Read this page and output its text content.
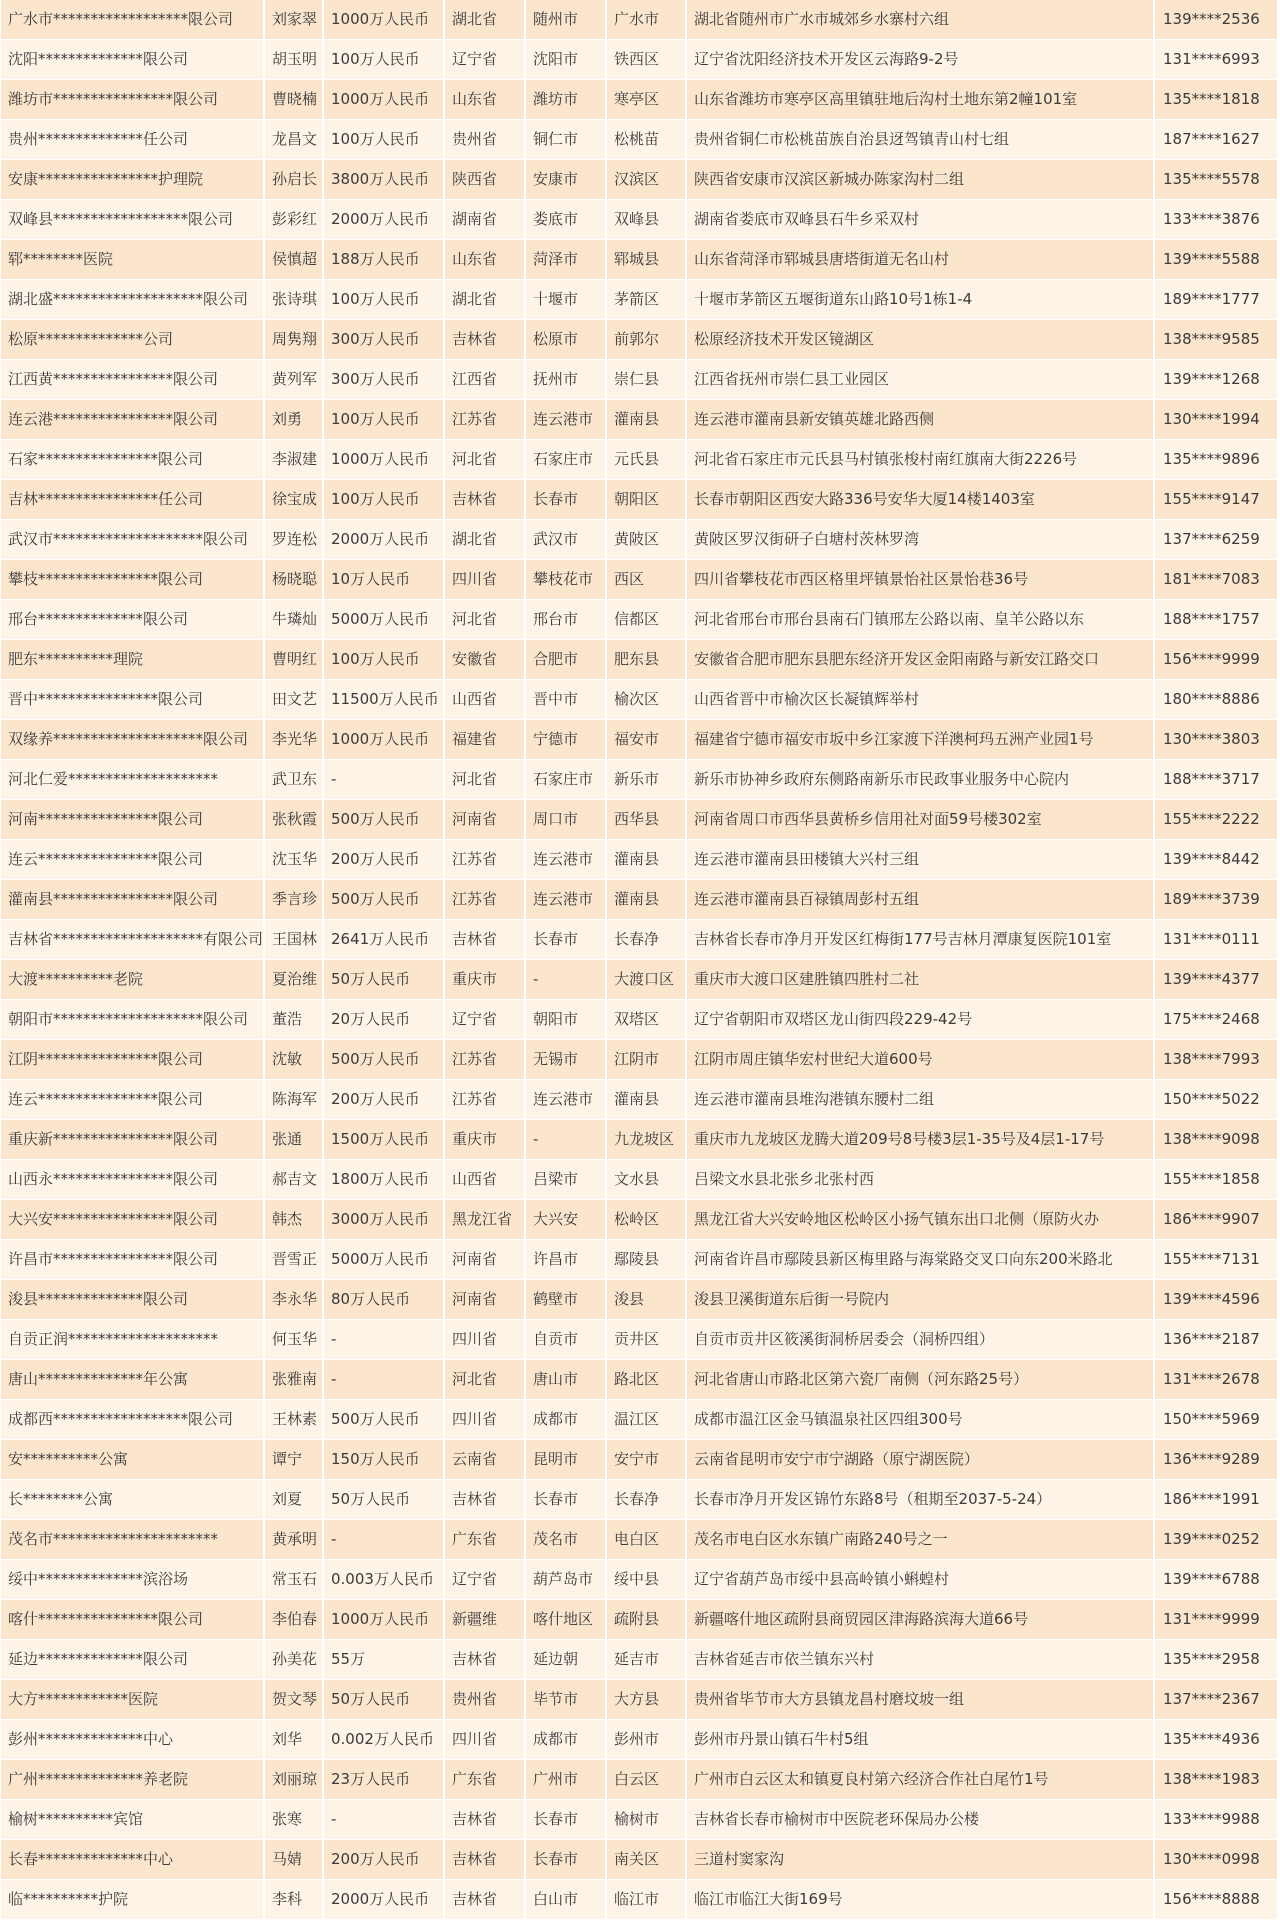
广水市******************限公司	刘家翠	1000万人民币	湖北省	随州市	广水市	湖北省随州市广水市城郊乡水寨村六组	139****2536
沈阳**************限公司	胡玉明	100万人民币	辽宁省	沈阳市	铁西区	辽宁省沈阳经济技术开发区云海路9-2号	131****6993
潍坊市****************限公司	曹晓楠	1000万人民币	山东省	潍坊市	寒亭区	山东省潍坊市寒亭区高里镇驻地后沟村土地东第2幢101室	135****1818
贵州**************任公司	龙昌文	100万人民币	贵州省	铜仁市	松桃苗	贵州省铜仁市松桃苗族自治县迓驾镇青山村七组	187****1627
安康****************护理院	孙启长	3800万人民币	陕西省	安康市	汉滨区	陕西省安康市汉滨区新城办陈家沟村二组	135****5578
双峰县******************限公司	彭彩红	2000万人民币	湖南省	娄底市	双峰县	湖南省娄底市双峰县石牛乡采双村	133****3876
郓********医院	侯慎超	188万人民币	山东省	菏泽市	郓城县	山东省菏泽市郓城县唐塔街道无名山村	139****5588
湖北盛********************限公司	张诗琪	100万人民币	湖北省	十堰市	茅箭区	十堰市茅箭区五堰街道东山路10号1栋1-4	189****1777
松原**************公司	周隽翔	300万人民币	吉林省	松原市	前郭尔	松原经济技术开发区镜湖区	138****9585
江西黄****************限公司	黄列军	300万人民币	江西省	抚州市	崇仁县	江西省抚州市崇仁县工业园区	139****1268
连云港****************限公司	刘勇	100万人民币	江苏省	连云港市	灌南县	连云港市灌南县新安镇英雄北路西侧	130****1994
石家****************限公司	李淑建	1000万人民币	河北省	石家庄市	元氏县	河北省石家庄市元氏县马村镇张梭村南红旗南大街2226号	135****9896
吉林****************任公司	徐宝成	100万人民币	吉林省	长春市	朝阳区	长春市朝阳区西安大路336号安华大厦14楼1403室	155****9147
武汉市********************限公司	罗连松	2000万人民币	湖北省	武汉市	黄陂区	黄陂区罗汉街研子白塘村茨林罗湾	137****6259
攀枝****************限公司	杨晓聪	10万人民币	四川省	攀枝花市	西区	四川省攀枝花市西区格里坪镇景怡社区景怡巷36号	181****7083
邢台**************限公司	牛璘灿	5000万人民币	河北省	邢台市	信都区	河北省邢台市邢台县南石门镇邢左公路以南、皇羊公路以东	188****1757
肥东**********理院	曹明红	100万人民币	安徽省	合肥市	肥东县	安徽省合肥市肥东县肥东经济开发区金阳南路与新安江路交口	156****9999
晋中****************限公司	田文艺	11500万人民币	山西省	晋中市	榆次区	山西省晋中市榆次区长凝镇辉举村	180****8886
双缘养********************限公司	李光华	1000万人民币	福建省	宁德市	福安市	福建省宁德市福安市坂中乡江家渡下洋澳柯玛五洲产业园1号	130****3803
河北仁爱********************	武卫东	-	河北省	石家庄市	新乐市	新乐市协神乡政府东侧路南新乐市民政事业服务中心院内	188****3717
河南****************限公司	张秋霞	500万人民币	河南省	周口市	西华县	河南省周口市西华县黄桥乡信用社对面59号楼302室	155****2222
连云****************限公司	沈玉华	200万人民币	江苏省	连云港市	灌南县	连云港市灌南县田楼镇大兴村三组	139****8442
灌南县****************限公司	季言珍	500万人民币	江苏省	连云港市	灌南县	连云港市灌南县百禄镇周彭村五组	189****3739
吉林省********************有限公司	王国林	2641万人民币	吉林省	长春市	长春净	吉林省长春市净月开发区红梅街177号吉林月潭康复医院101室	131****0111
大渡**********老院	夏治维	50万人民币	重庆市	-	大渡口区	重庆市大渡口区建胜镇四胜村二社	139****4377
朝阳市********************限公司	董浩	20万人民币	辽宁省	朝阳市	双塔区	辽宁省朝阳市双塔区龙山街四段229-42号	175****2468
江阴****************限公司	沈敏	500万人民币	江苏省	无锡市	江阴市	江阴市周庄镇华宏村世纪大道600号	138****7993
连云****************限公司	陈海军	200万人民币	江苏省	连云港市	灌南县	连云港市灌南县堆沟港镇东腰村二组	150****5022
重庆新****************限公司	张通	1500万人民币	重庆市	-	九龙坡区	重庆市九龙坡区龙腾大道209号8号楼3层1-35号及4层1-17号	138****9098
山西永****************限公司	郝吉文	1800万人民币	山西省	吕梁市	文水县	吕梁文水县北张乡北张村西	155****1858
大兴安****************限公司	韩杰	3000万人民币	黑龙江省	大兴安	松岭区	黑龙江省大兴安岭地区松岭区小扬气镇东出口北侧（原防火办	186****9907
许昌市****************限公司	晋雪正	5000万人民币	河南省	许昌市	鄢陵县	河南省许昌市鄢陵县新区梅里路与海棠路交叉口向东200米路北	155****7131
浚县**************限公司	李永华	80万人民币	河南省	鹤壁市	浚县	浚县卫溪街道东后街一号院内	139****4596
自贡正润********************	何玉华	-	四川省	自贡市	贡井区	自贡市贡井区筱溪街洞桥居委会（洞桥四组）	136****2187
唐山**************年公寓	张雅南	-	河北省	唐山市	路北区	河北省唐山市路北区第六瓷厂南侧（河东路25号）	131****2678
成都西******************限公司	王林素	500万人民币	四川省	成都市	温江区	成都市温江区金马镇温泉社区四组300号	150****5969
安**********公寓	谭宁	150万人民币	云南省	昆明市	安宁市	云南省昆明市安宁市宁湖路（原宁湖医院）	136****9289
长********公寓	刘夏	50万人民币	吉林省	长春市	长春净	长春市净月开发区锦竹东路8号（租期至2037-5-24）	186****1991
茂名市**********************	黄承明	-	广东省	茂名市	电白区	茂名市电白区水东镇广南路240号之一	139****0252
绥中**************滨浴场	常玉石	0.003万人民币	辽宁省	葫芦岛市	绥中县	辽宁省葫芦岛市绥中县高岭镇小蝌蝗村	139****6788
喀什****************限公司	李伯春	1000万人民币	新疆维	喀什地区	疏附县	新疆喀什地区疏附县商贸园区津海路滨海大道66号	131****9999
延边**************限公司	孙美花	55万	吉林省	延边朝	延吉市	吉林省延吉市依兰镇东兴村	135****2958
大方************医院	贺文琴	50万人民币	贵州省	毕节市	大方县	贵州省毕节市大方县镇龙昌村磨坟坡一组	137****2367
彭州**************中心	刘华	0.002万人民币	四川省	成都市	彭州市	彭州市丹景山镇石牛村5组	135****4936
广州**************养老院	刘丽琼	23万人民币	广东省	广州市	白云区	广州市白云区太和镇夏良村第六经济合作社白尾竹1号	138****1983
榆树**********宾馆	张寒	-	吉林省	长春市	榆树市	吉林省长春市榆树市中医院老环保局办公楼	133****9988
长春**************中心	马婧	200万人民币	吉林省	长春市	南关区	三道村窦家沟	130****0998
临**********护院	李科	2000万人民币	吉林省	白山市	临江市	临江市临江大街169号	156****8888
